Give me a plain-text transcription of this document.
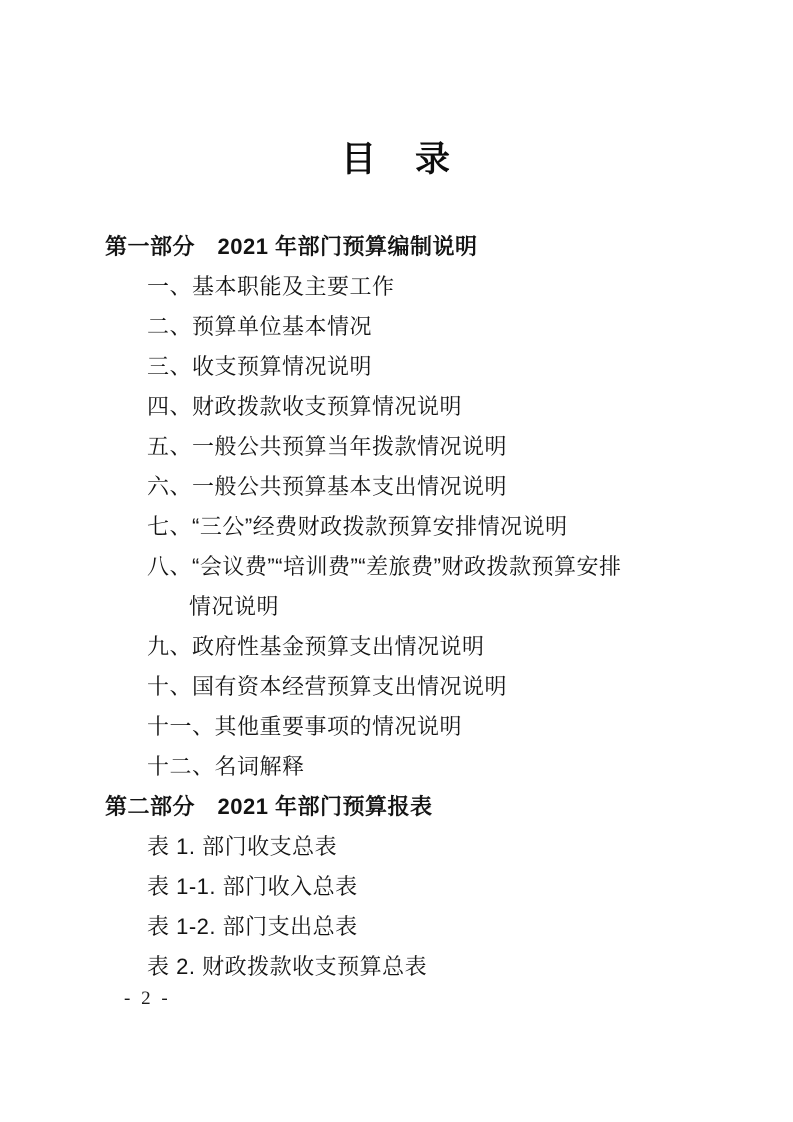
目　录
第一部分　2021 年部门预算编制说明
一、基本职能及主要工作
二、预算单位基本情况
三、收支预算情况说明
四、财政拨款收支预算情况说明
五、一般公共预算当年拨款情况说明
六、一般公共预算基本支出情况说明
七、“三公”经费财政拨款预算安排情况说明
八、“会议费”“培训费”“差旅费”财政拨款预算安排
情况说明
九、政府性基金预算支出情况说明
十、国有资本经营预算支出情况说明
十一、其他重要事项的情况说明
十二、名词解释
第二部分　2021 年部门预算报表
表 1. 部门收支总表
表 1-1. 部门收入总表
表 1-2. 部门支出总表
表 2. 财政拨款收支预算总表
- 2 -
